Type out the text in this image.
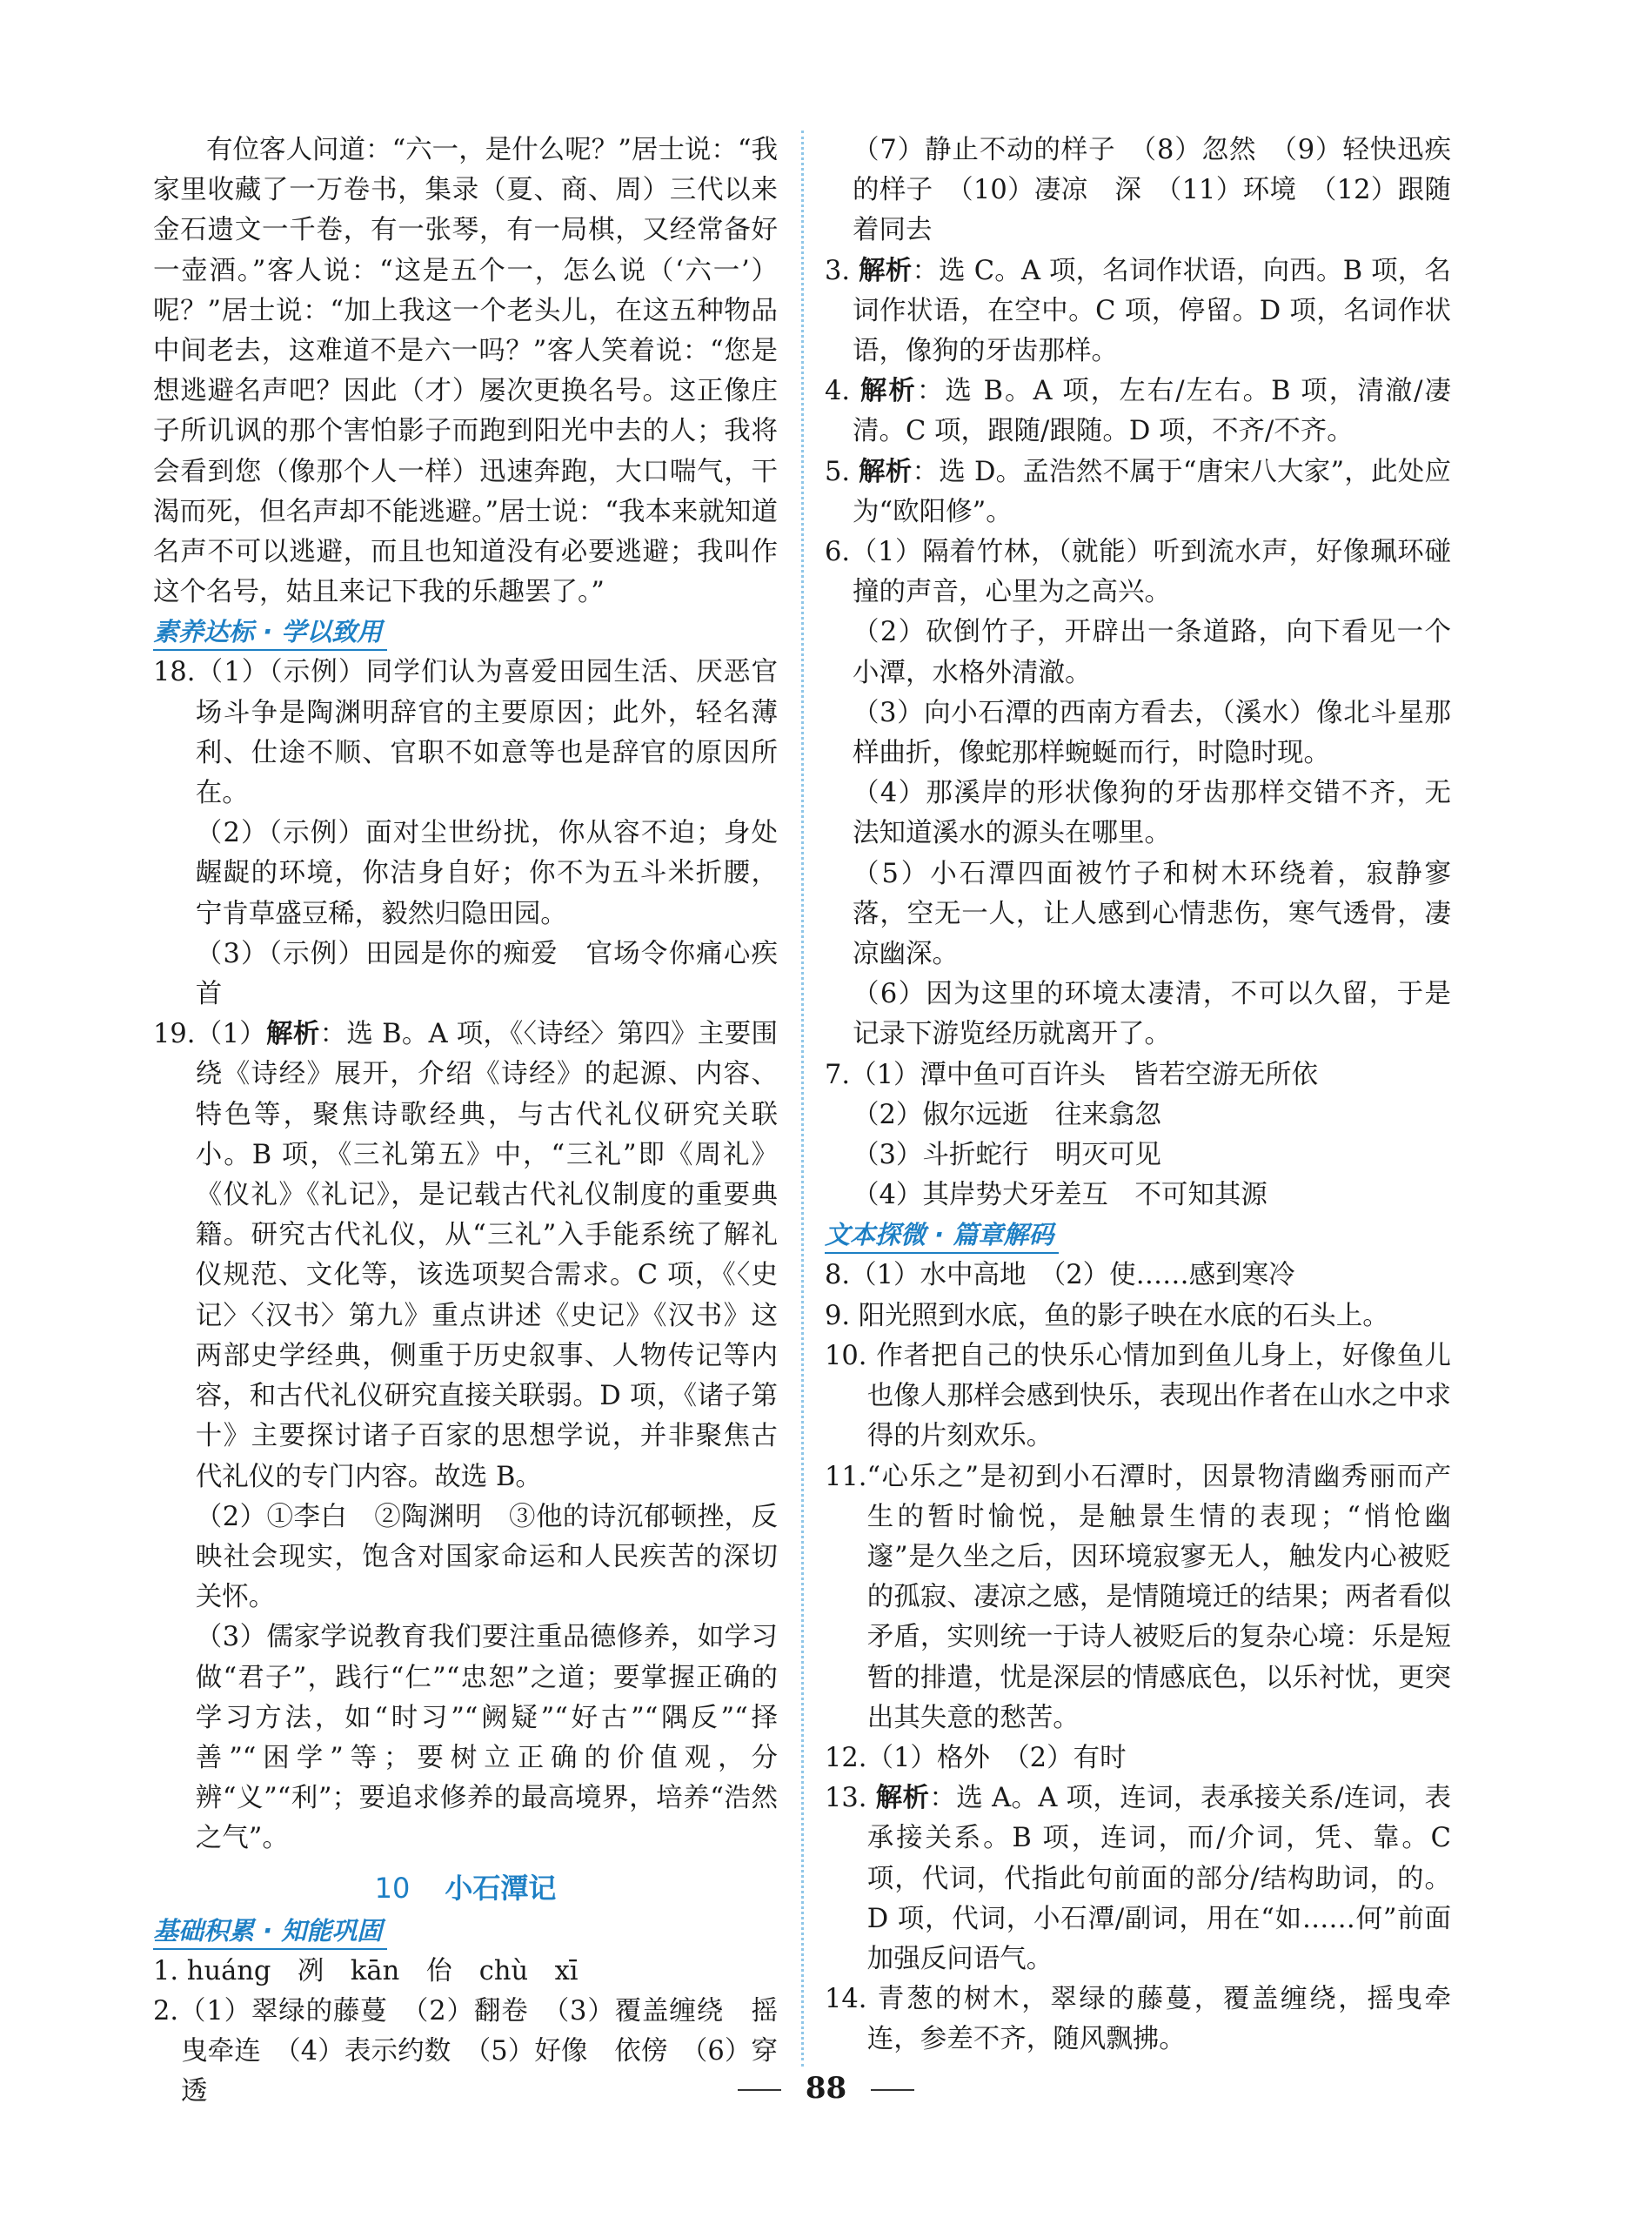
有位客人问道：“六一，是什么呢？”居士说：“我家里收藏了一万卷书，集录（夏、商、周）三代以来金石遗文一千卷，有一张琴，有一局棋，又经常备好一壶酒。”客人说：“这是五个一，怎么说（‘六一’）呢？”居士说：“加上我这一个老头儿，在这五种物品中间老去，这难道不是六一吗？”客人笑着说：“您是想逃避名声吧？因此（才）屡次更换名号。这正像庄子所讥讽的那个害怕影子而跑到阳光中去的人；我将会看到您（像那个人一样）迅速奔跑，大口喘气，干渴而死，但名声却不能逃避。”居士说：“我本来就知道名声不可以逃避，而且也知道没有必要逃避；我叫作这个名号，姑且来记下我的乐趣罢了。”

素养达标 · 学以致用

18.（1）（示例）同学们认为喜爱田园生活、厌恶官场斗争是陶渊明辞官的主要原因；此外，轻名薄利、仕途不顺、官职不如意等也是辞官的原因所在。

（2）（示例）面对尘世纷扰，你从容不迫；身处龌龊的环境，你洁身自好；你不为五斗米折腰，宁肯草盛豆稀，毅然归隐田园。

（3）（示例）田园是你的痴爱　官场令你痛心疾首

19.（1）解析：选 B。A 项，《〈诗经〉第四》主要围绕《诗经》展开，介绍《诗经》的起源、内容、特色等，聚焦诗歌经典，与古代礼仪研究关联小。B 项，《三礼第五》中，“三礼”即《周礼》《仪礼》《礼记》，是记载古代礼仪制度的重要典籍。研究古代礼仪，从“三礼”入手能系统了解礼仪规范、文化等，该选项契合需求。C 项，《〈史记〉〈汉书〉第九》重点讲述《史记》《汉书》这两部史学经典，侧重于历史叙事、人物传记等内容，和古代礼仪研究直接关联弱。D 项，《诸子第十》主要探讨诸子百家的思想学说，并非聚焦古代礼仪的专门内容。故选 B。

（2）①李白　②陶渊明　③他的诗沉郁顿挫，反映社会现实，饱含对国家命运和人民疾苦的深切关怀。

（3）儒家学说教育我们要注重品德修养，如学习做“君子”，践行“仁”“忠恕”之道；要掌握正确的学习方法，如“时习”“阙疑”“好古”“隅反”“择善”“困学”等；要树立正确的价值观，分辨“义”“利”；要追求修养的最高境界，培养“浩然之气”。

10 小石潭记
基础积累 · 知能巩固

1. huáng　冽　kān　佁　chù　xī

2.（1）翠绿的藤蔓　（2）翻卷　（3）覆盖缠绕　摇曳牵连　（4）表示约数　（5）好像　依傍　（6）穿透

（7）静止不动的样子　（8）忽然　（9）轻快迅疾的样子　（10）凄凉　深　（11）环境　（12）跟随着同去

3. 解析：选 C。A 项，名词作状语，向西。B 项，名词作状语，在空中。C 项，停留。D 项，名词作状语，像狗的牙齿那样。

4. 解析：选 B。A 项，左右/左右。B 项，清澈/凄清。C 项，跟随/跟随。D 项，不齐/不齐。

5. 解析：选 D。孟浩然不属于“唐宋八大家”，此处应为“欧阳修”。

6.（1）隔着竹林，（就能）听到流水声，好像珮环碰撞的声音，心里为之高兴。

（2）砍倒竹子，开辟出一条道路，向下看见一个小潭，水格外清澈。

（3）向小石潭的西南方看去，（溪水）像北斗星那样曲折，像蛇那样蜿蜒而行，时隐时现。

（4）那溪岸的形状像狗的牙齿那样交错不齐，无法知道溪水的源头在哪里。

（5）小石潭四面被竹子和树木环绕着，寂静寥落，空无一人，让人感到心情悲伤，寒气透骨，凄凉幽深。

（6）因为这里的环境太凄清，不可以久留，于是记录下游览经历就离开了。

7.（1）潭中鱼可百许头　皆若空游无所依

（2）俶尔远逝　往来翕忽

（3）斗折蛇行　明灭可见

（4）其岸势犬牙差互　不可知其源

文本探微 · 篇章解码

8.（1）水中高地　（2）使……感到寒冷

9. 阳光照到水底，鱼的影子映在水底的石头上。

10. 作者把自己的快乐心情加到鱼儿身上，好像鱼儿也像人那样会感到快乐，表现出作者在山水之中求得的片刻欢乐。

11.“心乐之”是初到小石潭时，因景物清幽秀丽而产生的暂时愉悦，是触景生情的表现；“悄怆幽邃”是久坐之后，因环境寂寥无人，触发内心被贬的孤寂、凄凉之感，是情随境迁的结果；两者看似矛盾，实则统一于诗人被贬后的复杂心境：乐是短暂的排遣，忧是深层的情感底色，以乐衬忧，更突出其失意的愁苦。

12.（1）格外　（2）有时

13. 解析：选 A。A 项，连词，表承接关系/连词，表承接关系。B 项，连词，而/介词，凭、靠。C 项，代词，代指此句前面的部分/结构助词，的。D 项，代词，小石潭/副词，用在“如……何”前面加强反问语气。

14. 青葱的树木，翠绿的藤蔓，覆盖缠绕，摇曳牵连，参差不齐，随风飘拂。

88
